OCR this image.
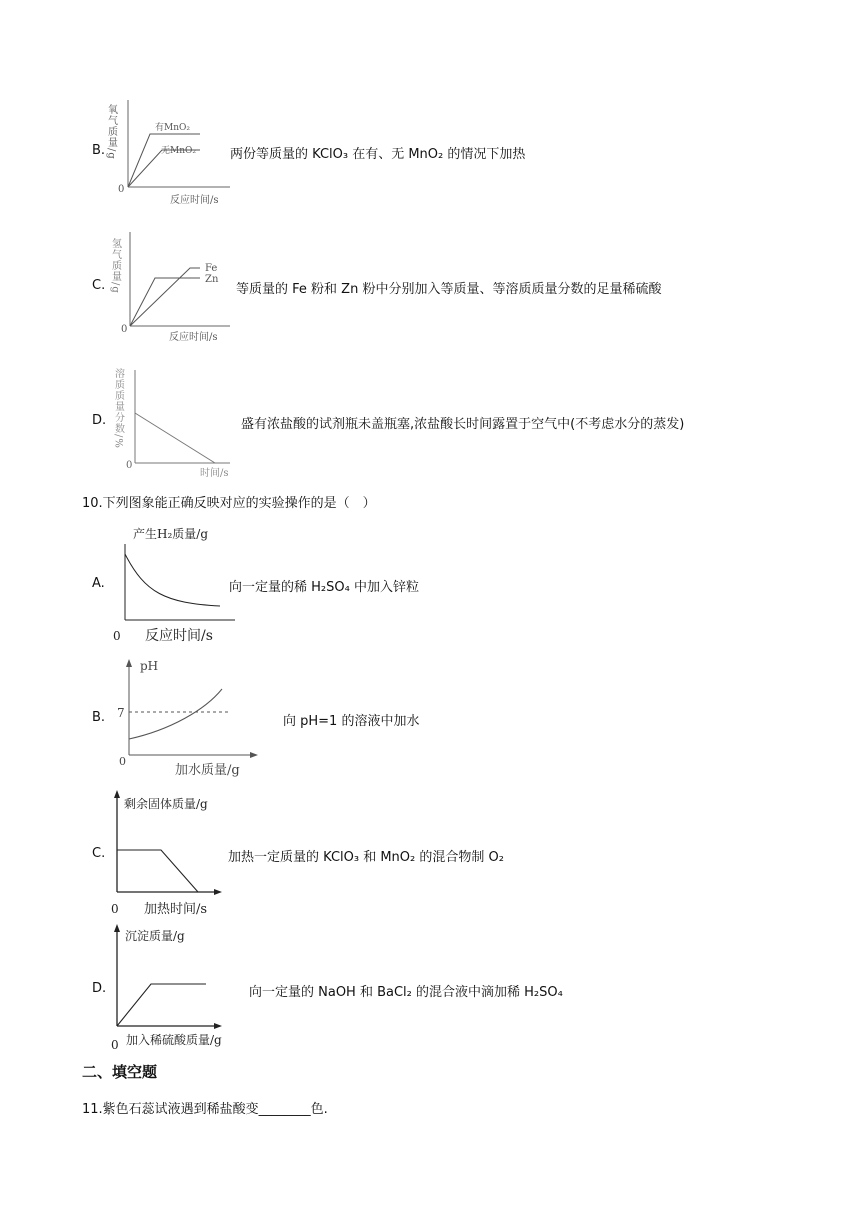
B. 氧气质量/g	有MnO₂
无MnO₂
0
反应时间/s
两份等质量的 KClO₃ 在有、无 MnO₂ 的情况下加热
C. 氢气质量/g	Fe
Zn
0
反应时间/s
等质量的 Fe 粉和 Zn 粉中分别加入等质量、等溶质质量分数的足量稀硫酸
D. 溶质质量分数/%
0
时间/s
盛有浓盐酸的试剂瓶未盖瓶塞,浓盐酸长时间露置于空气中(不考虑水分的蒸发)
10.下列图象能正确反映对应的实验操作的是（　）
A.
产生H₂质量/g
0 反应时间/s
向一定量的稀 H₂SO₄ 中加入锌粒
B.
pH
7
0
加水质量/g
向 pH=1 的溶液中加水
C.
剩余固体质量/g
0 加热时间/s
加热一定质量的 KClO₃ 和 MnO₂ 的混合物制 O₂
D.
沉淀质量/g
0 加入稀硫酸质量/g
向一定量的 NaOH 和 BaCl₂ 的混合液中滴加稀 H₂SO₄
二、填空题
11.紫色石蕊试液遇到稀盐酸变________色.
